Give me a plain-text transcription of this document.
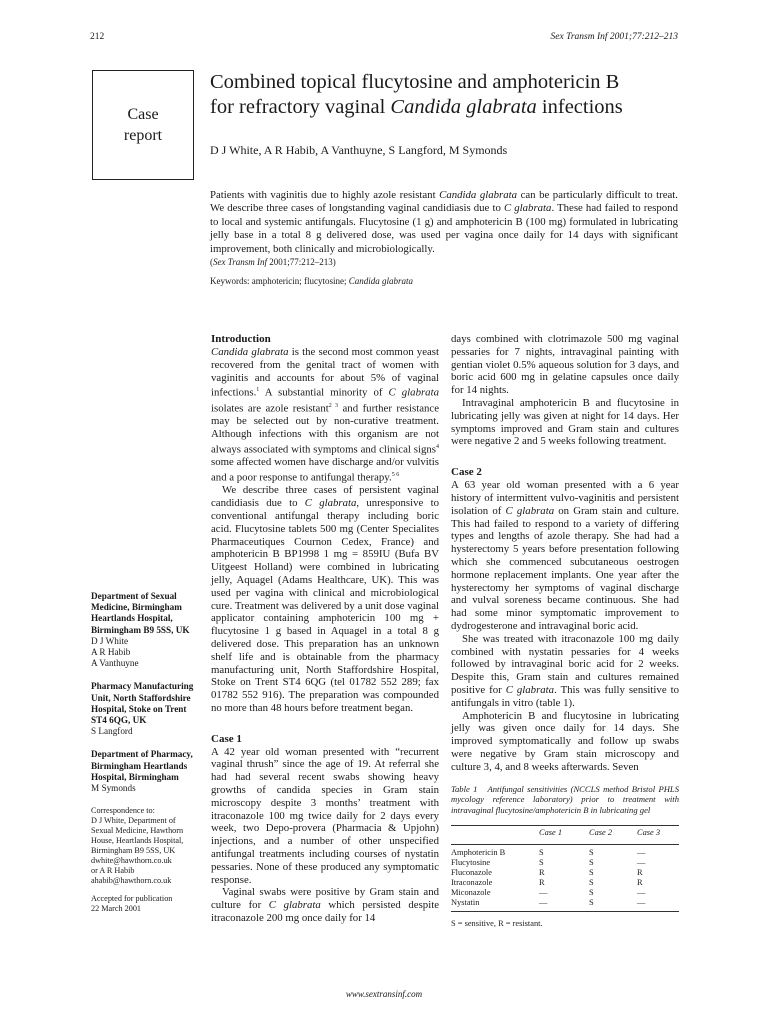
212	Sex Transm Inf 2001;77:212–213
Case
report
Combined topical flucytosine and amphotericin B
for refractory vaginal Candida glabrata infections
D J White, A R Habib, A Vanthuyne, S Langford, M Symonds
Patients with vaginitis due to highly azole resistant Candida glabrata can be particularly difficult to treat. We describe three cases of longstanding vaginal candidiasis due to C glabrata. These had failed to respond to local and systemic antifungals. Flucytosine (1 g) and amphotericin B (100 mg) formulated in lubricating jelly base in a total 8 g delivered dose, was used per vagina once daily for 14 days with significant improvement, both clinically and microbiologically.
(Sex Transm Inf 2001;77:212–213)
Keywords: amphotericin; flucytosine; Candida glabrata

Department of Sexual Medicine, Birmingham Heartlands Hospital, Birmingham B9 5SS, UK

D J White

A R Habib

A Vanthuyne

Pharmacy Manufacturing Unit, North Staffordshire Hospital, Stoke on Trent ST4 6QG, UK

S Langford

Department of Pharmacy, Birmingham Heartlands Hospital, Birmingham

M Symonds

Correspondence to:

D J White, Department of

Sexual Medicine, Hawthorn

House, Heartlands Hospital,

Birmingham B9 5SS, UK

dwhite@hawthorn.co.uk

or A R Habib

ahabib@hawthorn.co.uk

Accepted for publication

22 March 2001

Introduction

Candida glabrata is the second most common yeast recovered from the genital tract of women with vaginitis and accounts for about 5% of vaginal infections.$^1$ A substantial minority of C glabrata isolates are azole resistant$^{2 3}$ and further resistance may be selected out by non-curative treatment. Although infections with this organism are not always associated with symptoms and clinical signs$^4$ some affected women have discharge and/or vulvitis and a poor response to antifungal therapy.$^{5 6}$

We describe three cases of persistent vaginal candidiasis due to C glabrata, unresponsive to conventional antifungal therapy including boric acid. Flucytosine tablets 500 mg (Center Specialites Pharmaceutiques Cournon Cedex, France) and amphotericin B BP1998 1 mg = 859IU (Bufa BV Uitgeest Holland) were combined in lubricating jelly, Aquagel (Adams Healthcare, UK). This was used per vagina with clinical and microbiological cure. Treatment was delivered by a unit dose vaginal applicator containing amphotericin 100 mg + flucytosine 1 g based in Aquagel in a total 8 g delivered dose. This preparation has an unknown shelf life and is obtainable from the pharmacy manufacturing unit, North Staffordshire Hospital, Stoke on Trent ST4 6QG (tel 01782 552 289; fax 01782 552 916). The preparation was compounded no more than 48 hours before treatment began.

Case 1

A 42 year old woman presented with “recurrent vaginal thrush” since the age of 19. At referral she had had several recent swabs showing heavy growths of candida species in Gram stain microscopy despite 3 months’ treatment with itraconazole 100 mg twice daily for 2 days every week, two Depo-provera (Pharmacia & Upjohn) injections, and a number of other unspecified antifungal treatments including courses of nystatin pessaries. None of these produced any symptomatic response.

Vaginal swabs were positive by Gram stain and culture for C glabrata which persisted despite itraconazole 200 mg once daily for 14

days combined with clotrimazole 500 mg vaginal pessaries for 7 nights, intravaginal painting with gentian violet 0.5% aqueous solution for 3 days, and boric acid 600 mg in gelatine capsules once daily for 14 nights.

Intravaginal amphotericin B and flucytosine in lubricating jelly was given at night for 14 days. Her symptoms improved and Gram stain and cultures were negative 2 and 5 weeks following treatment.

Case 2

A 63 year old woman presented with a 6 year history of intermittent vulvo-vaginitis and persistent isolation of C glabrata on Gram stain and culture. This had failed to respond to a variety of differing types and lengths of azole therapy. She had had a hysterectomy 5 years before presentation following which she commenced subcutaneous oestrogen hormone replacement implants. One year after the hysterectomy her symptoms of vaginal discharge and vulval soreness became continuous. She had had some minor symptomatic improvement to dydrogesterone and intravaginal boric acid.

She was treated with itraconazole 100 mg daily combined with nystatin pessaries for 4 weeks followed by intravaginal boric acid for 2 weeks. Despite this, Gram stain and cultures remained positive for C glabrata. This was fully sensitive to antifungals in vitro (table 1).

Amphotericin B and flucytosine in lubricating jelly was given once daily for 14 days. She improved symptomatically and follow up swabs were negative by Gram stain microscopy and culture 3, 4, and 8 weeks afterwards. Seven

Table 1 Antifungal sensitivities (NCCLS method Bristol PHLS mycology reference laboratory) prior to treatment with intravaginal flucytosine/amphotericin B in lubricating gel
	Case 1	Case 2	Case 3
Amphotericin B	S	S	—
Flucytosine	S	S	—
Fluconazole	R	S	R
Itraconazole	R	S	R
Miconazole	—	S	—
Nystatin	—	S	—
S = sensitive, R = resistant.
www.sextransinf.com
